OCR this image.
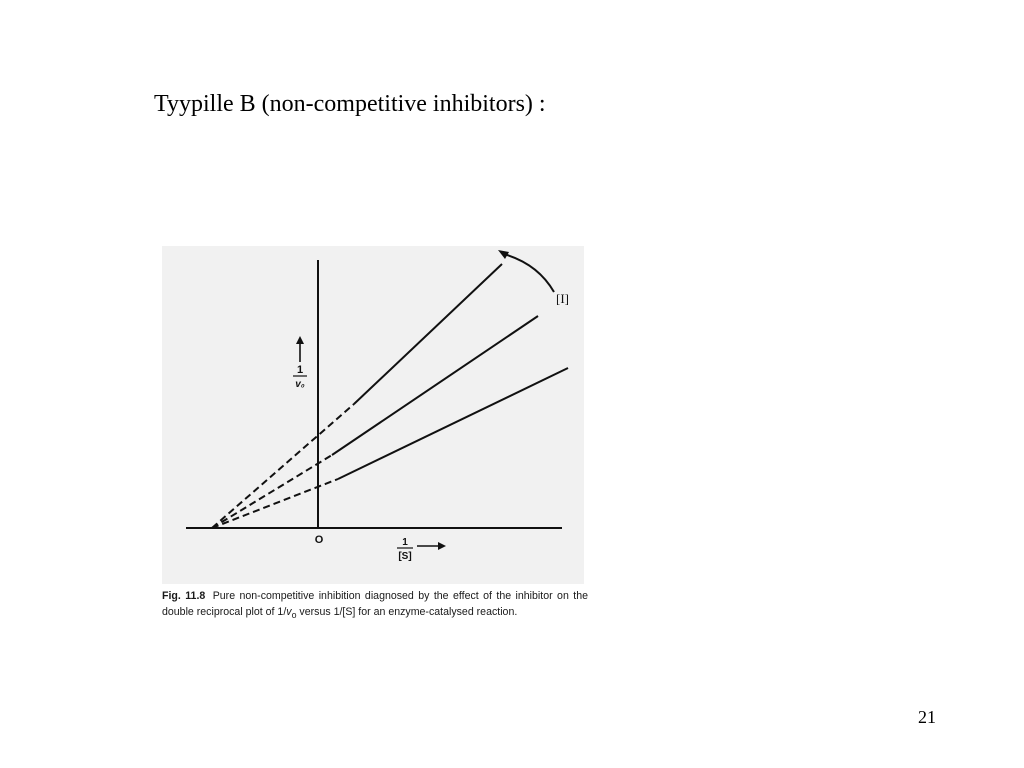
Tyypille B (non-competitive inhibitors) :
[I]
1
v₀
O	1
[S]
Fig. 11.8 Pure non-competitive inhibition diagnosed by the effect of the inhibitor on the double reciprocal plot of $1/v_o$ versus 1/[S] for an enzyme-catalysed reaction.
21
